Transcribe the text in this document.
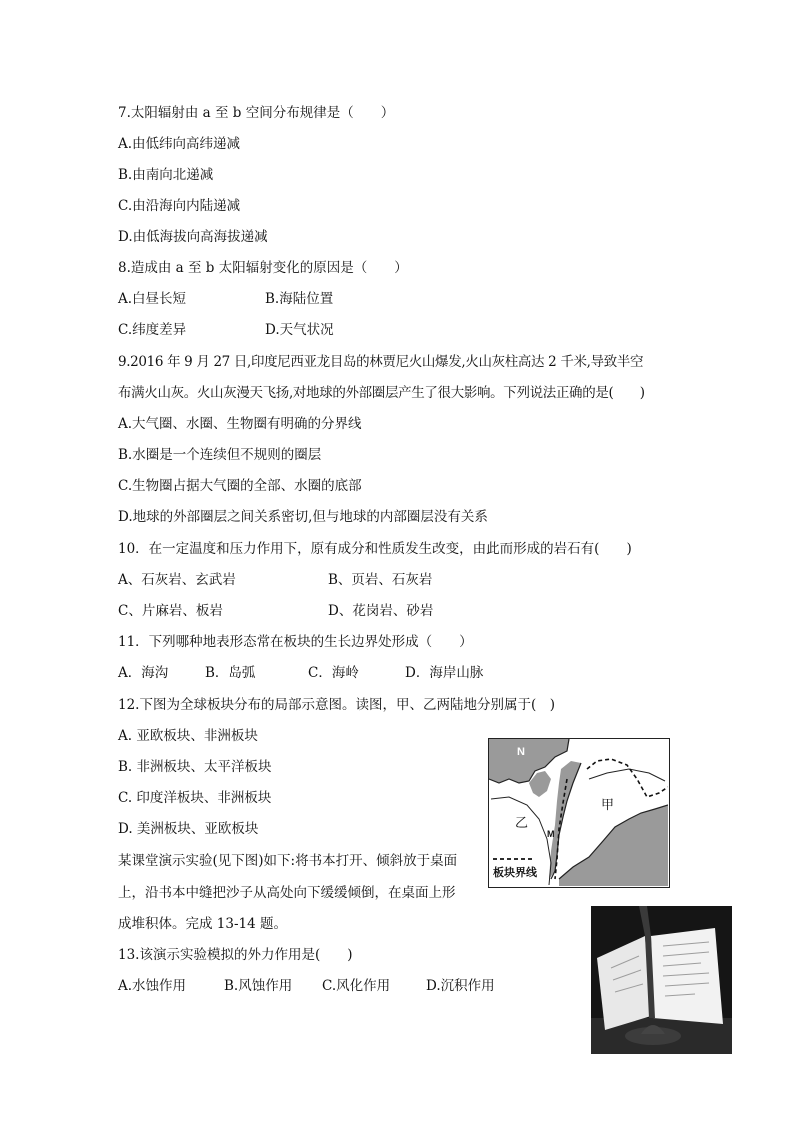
7.太阳辐射由 a 至 b 空间分布规律是（　　）
A.由低纬向高纬递减
B.由南向北递减
C.由沿海向内陆递减
D.由低海拔向高海拔递减
8.造成由 a 至 b 太阳辐射变化的原因是（　　）
A.白昼长短	B.海陆位置
C.纬度差异	D.天气状况
9.2016 年 9 月 27 日,印度尼西亚龙目岛的林贾尼火山爆发,火山灰柱高达 2 千米,导致半空
布满火山灰。火山灰漫天飞扬,对地球的外部圈层产生了很大影响。下列说法正确的是(　　)
A.大气圈、水圈、生物圈有明确的分界线
B.水圈是一个连续但不规则的圈层
C.生物圈占据大气圈的全部、水圈的底部
D.地球的外部圈层之间关系密切,但与地球的内部圈层没有关系
10．在一定温度和压力作用下，原有成分和性质发生改变，由此而形成的岩石有(　　)
A、石灰岩、玄武岩	B、页岩、石灰岩
C、片麻岩、板岩	D、花岗岩、砂岩
11．下列哪种地表形态常在板块的生长边界处形成（　　）
A．海沟	B．岛弧	C．海岭	D．海岸山脉
12.下图为全球板块分布的局部示意图。读图，甲、乙两陆地分别属于(　)
A. 亚欧板块、非洲板块
B. 非洲板块、太平洋板块
C. 印度洋板块、非洲板块
D. 美洲板块、亚欧板块
N
M
乙
甲
板块界线
某课堂演示实验(见下图)如下:将书本打开、倾斜放于桌面
上，沿书本中缝把沙子从高处向下缓缓倾倒，在桌面上形
成堆积体。完成 13-14 题。
13.该演示实验模拟的外力作用是(　　)
A.水蚀作用	B.风蚀作用 C.风化作用	D.沉积作用
